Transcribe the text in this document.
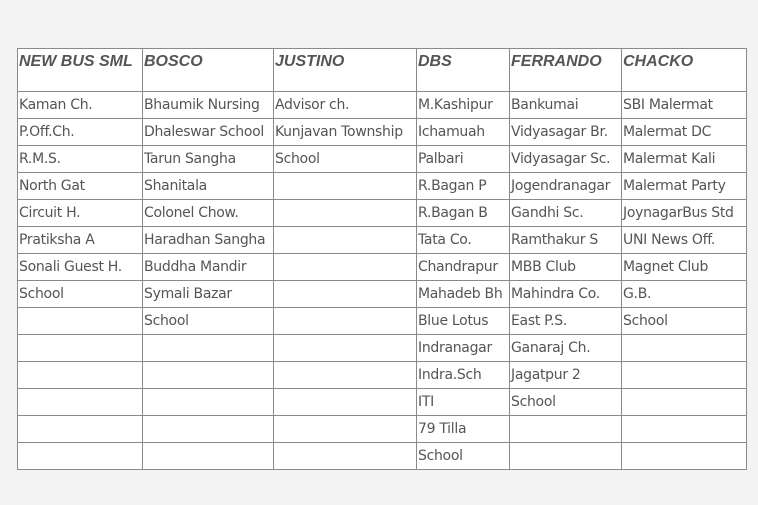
NEW BUS SML	BOSCO	JUSTINO	DBS	FERRANDO	CHACKO
Kaman Ch.	Bhaumik Nursing	Advisor ch.	M.Kashipur	Bankumai	SBI Malermat
P.Off.Ch.	Dhaleswar School	Kunjavan Township	Ichamuah	Vidyasagar Br.	Malermat DC
R.M.S.	Tarun Sangha	School	Palbari	Vidyasagar Sc.	Malermat Kali
North Gat	Shanitala		R.Bagan P	Jogendranagar	Malermat Party
Circuit H.	Colonel Chow.		R.Bagan B	Gandhi Sc.	JoynagarBus Std
Pratiksha A	Haradhan Sangha		Tata Co.	Ramthakur S	UNI News Off.
Sonali Guest H.	Buddha Mandir		Chandrapur	MBB Club	Magnet Club
School	Symali Bazar		Mahadeb Bh	Mahindra Co.	G.B.
	School		Blue Lotus	East P.S.	School
			Indranagar	Ganaraj Ch.	
			Indra.Sch	Jagatpur 2	
			ITI	School	
			79 Tilla		
			School		
